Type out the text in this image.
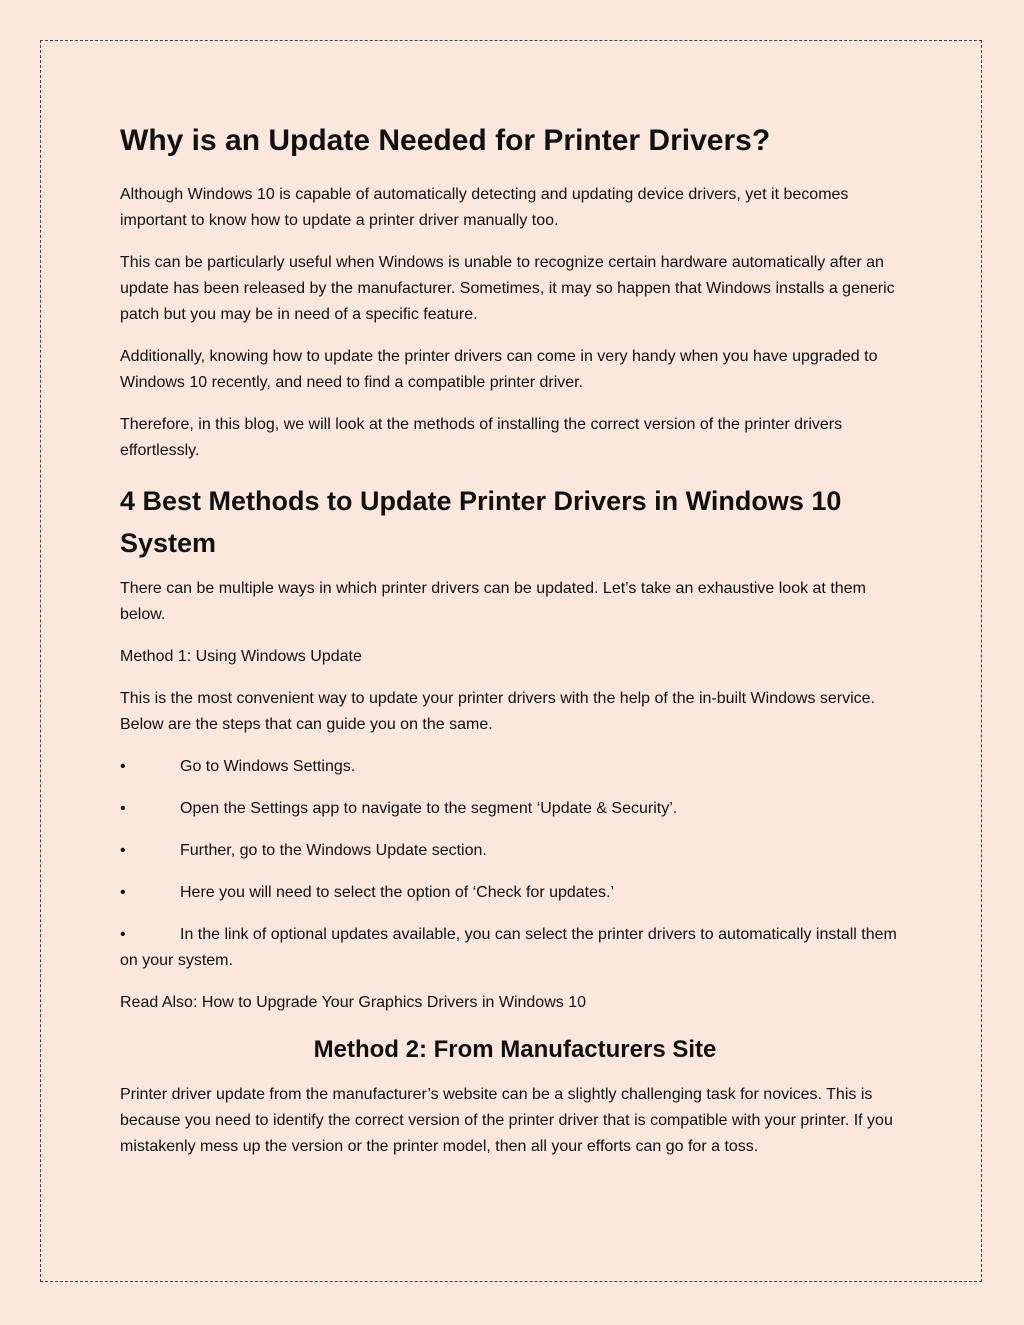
Why is an Update Needed for Printer Drivers?

Although Windows 10 is capable of automatically detecting and updating device drivers, yet it becomes important to know how to update a printer driver manually too.

This can be particularly useful when Windows is unable to recognize certain hardware automatically after an update has been released by the manufacturer. Sometimes, it may so happen that Windows installs a generic patch but you may be in need of a specific feature.

Additionally, knowing how to update the printer drivers can come in very handy when you have upgraded to Windows 10 recently, and need to find a compatible printer driver.

Therefore, in this blog, we will look at the methods of installing the correct version of the printer drivers effortlessly.

4 Best Methods to Update Printer Drivers in Windows 10 System

There can be multiple ways in which printer drivers can be updated. Let’s take an exhaustive look at them below.

Method 1: Using Windows Update

This is the most convenient way to update your printer drivers with the help of the in-built Windows service. Below are the steps that can guide you on the same.

•	Go to Windows Settings.
•	Open the Settings app to navigate to the segment ‘Update & Security’.
•	Further, go to the Windows Update section.
•	Here you will need to select the option of ‘Check for updates.’
•	In the link of optional updates available, you can select the printer drivers to automatically install them on your system.

Read Also: How to Upgrade Your Graphics Drivers in Windows 10

Method 2: From Manufacturers Site

Printer driver update from the manufacturer’s website can be a slightly challenging task for novices. This is because you need to identify the correct version of the printer driver that is compatible with your printer. If you mistakenly mess up the version or the printer model, then all your efforts can go for a toss.
